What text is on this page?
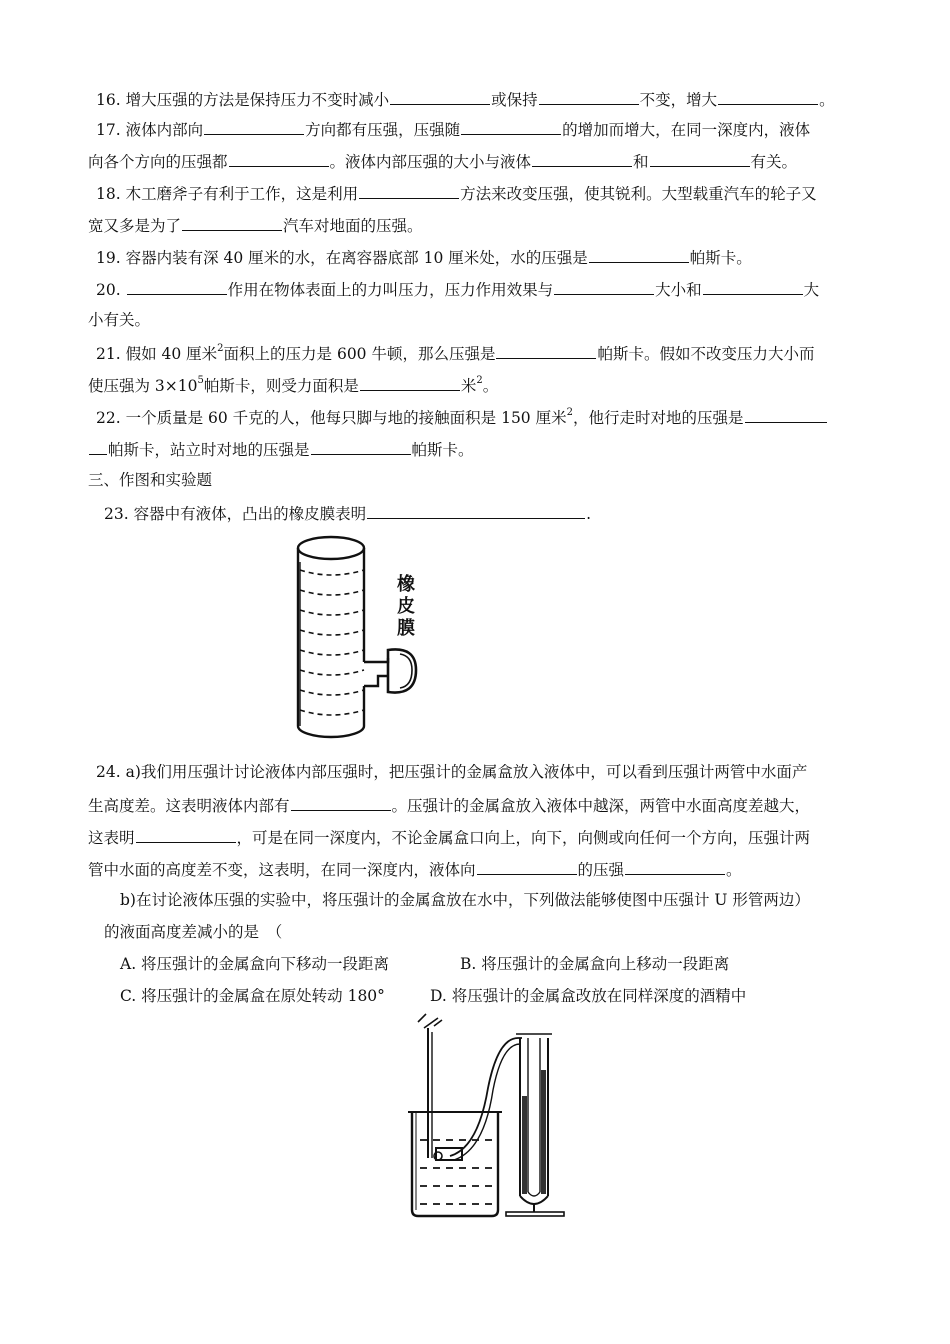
16. 增大压强的方法是保持压力不变时减小	或保持	不变，增大	。
17. 液体内部向	方向都有压强，压强随	的增加而增大，在同一深度内，液体
向各个方向的压强都	。液体内部压强的大小与液体	和	有关。
18. 木工磨斧子有利于工作，这是利用	方法来改变压强，使其锐利。大型载重汽车的轮子又
宽又多是为了	汽车对地面的压强。
19. 容器内装有深 40 厘米的水，在离容器底部 10 厘米处，水的压强是	帕斯卡。
20.	作用在物体表面上的力叫压力，压力作用效果与	大小和	大
小有关。
21. 假如 40 厘米$^2$面积上的压力是 600 牛顿，那么压强是	帕斯卡。假如不改变压力大小而
使压强为 $3\times 10^5$帕斯卡，则受力面积是	米$^2$。
22. 一个质量是 60 千克的人，他每只脚与地的接触面积是 150 厘米$^2$，他行走时对地的压强是
帕斯卡，站立时对地的压强是	帕斯卡。
三、作图和实验题
23. 容器中有液体，凸出的橡皮膜表明	.
橡
皮
膜
24. a)我们用压强计讨论液体内部压强时，把压强计的金属盒放入液体中，可以看到压强计两管中水面产
生高度差。这表明液体内部有	。压强计的金属盒放入液体中越深，两管中水面高度差越大，
这表明	，可是在同一深度内，不论金属盒口向上，向下，向侧或向任何一个方向，压强计两
管中水面的高度差不变，这表明，在同一深度内，液体向	的压强	。
b)在讨论液体压强的实验中，将压强计的金属盒放在水中，下列做法能够使图中压强计 U 形管两边）
的液面高度差减小的是　（
A. 将压强计的金属盒向下移动一段距离	B. 将压强计的金属盒向上移动一段距离
C. 将压强计的金属盒在原处转动 180°	D. 将压强计的金属盒改放在同样深度的酒精中
